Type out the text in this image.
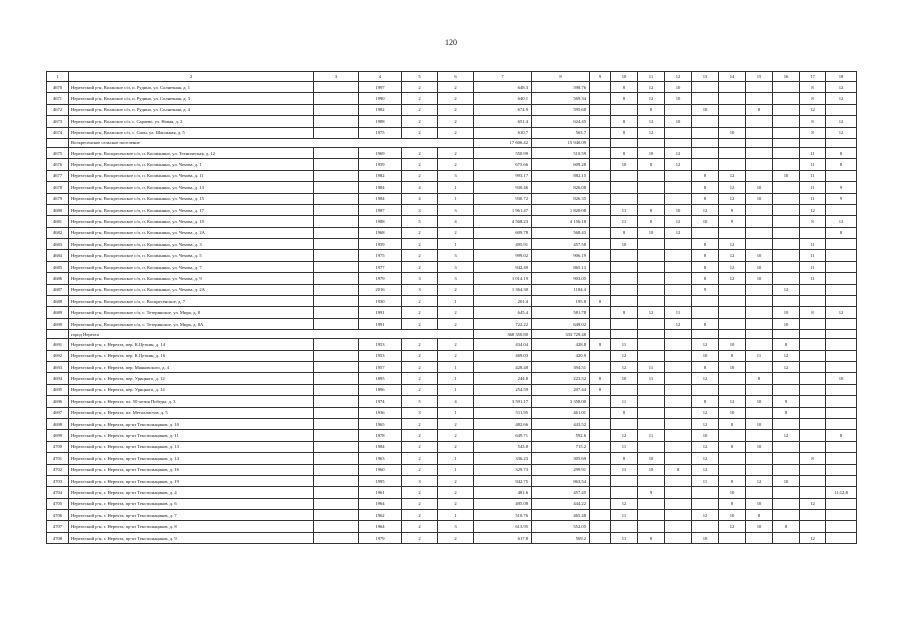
120
1	2	3	4	5	6	7	8	9	10	11	12	13	14	15	16	17	18
4670	Нерехтский р-н, Волжское с/п, п. Рудино, ул. Солнечная, д. 1		1997	2	2	648.3	598.76		8	12	10					8	12
4671	Нерехтский р-н, Волжское с/п, п. Рудино, ул. Солнечная, д. 3		1990	2	2	640.1	569.34		8	12	10					8	12
4672	Нерехтский р-н, Волжское с/п, п. Рудино, ул. Солнечная, д. 4		1982	2	2	674.9	595.68			8		10		8		12	
4673	Нерехтский р-н, Волжское с/п, с. Сараево, ул. Новая, д. 2		1988	2	2	651.4	624.45		8	12	10					8	12
4674	Нерехтский р-н, Волжское с/п, с. Сион, ул. Школьная, д. 5		1975	2	2	610.7	563.7		8	12			10			8	12
	Воскресенское сельское поселение					17 606.42	15 940.09										
4675	Нерехтский р-н, Воскресенское с/п, п. Космынино, ул. Техническая, д. 12		1969	2	2	550.99	510.59		8	10	12					11	8
4676	Нерехтский р-н, Воскресенское с/п, п. Космынино, ул. Чехова, д. 1		1959	2	2	675.66	609.28		10	8	12					11	8
4677	Нерехтский р-н, Воскресенское с/п, п. Космынино, ул. Чехова, д. 11		1982	2	3	993.17	882.15					8	12		10	11	
4678	Нерехтский р-н, Воскресенское с/п, п. Космынино, ул. Чехова, д. 13		1984	4	1	930.46	826.08					8	12	10		11	9
4679	Нерехтский р-н, Воскресенское с/п, п. Космынино, ул. Чехова, д. 15		1984	4	1	930.72	826.35					8	12	10		11	9
4680	Нерехтский р-н, Воскресенское с/п, п. Космынино, ул. Чехова, д. 17		1987	3	3	1 961.47	1 820.08		11	8	10	12	9			12	
4681	Нерехтский р-н, Воскресенское с/п, п. Космынино, ул. Чехова, д. 19		1988	5	4	4 568.23	4 156.18		11	8	12	10	9			8	12
4682	Нерехтский р-н, Воскресенское с/п, п. Космынино, ул. Чехова, д. 2А		1968	2	2	609.78	568.43		8	10	12						8
4683	Нерехтский р-н, Воскресенское с/п, п. Космынино, ул. Чехова, д. 3		1959	2	1	495.91	457.58		10			8	12			11	
4684	Нерехтский р-н, Воскресенское с/п, п. Космынино, ул. Чехова, д. 5		1975	2	3	999.02	906.19					8	12	10		11	
4685	Нерехтский р-н, Воскресенское с/п, п. Космынино, ул. Чехова, д. 7		1977	2	3	942.49	865.13					8	12	10		11	
4686	Нерехтский р-н, Воскресенское с/п, п. Космынино, ул. Чехова, д. 9		1979	3	3	1 014.19	903.05					8	12	10		11	
4687	Нерехтский р-н, Воскресенское с/п, п. Космынино, ул. Чехова, д. 2А		2016	3	2	1 364.30	1184.4					9			12		
4688	Нерехтский р-н, Воскресенское с/п, с. Воскресенское, д. 7		1930	2	1	201.4	195.8	8									
4689	Нерехтский р-н, Воскресенское с/п, с. Тетеринское, ул. Мира, д. 8		1991	2	2	645.4	581.78		8	12	11				10	8	12
4690	Нерехтский р-н, Воскресенское с/п, с. Тетеринское, ул. Мира, д. 8А		1991	2	2	722.22	649.02				12	8			10		
	город Нерехта					368 350.80	333 729.48										
4691	Нерехтский р-н, г. Нерехта, пер. К.Цеткин, д. 14		1953	2	2	434.04	428.8	8	11			12	10		8		
4692	Нерехтский р-н, г. Нерехта, пер. К.Цеткин, д. 16		1953	2	2	469.03	420.9		12			10	8	11	12		
4693	Нерехтский р-н, г. Нерехта, пер. Маяковского, д. 4		1957	2	1	428.48	394.51		12	11		8	10		12		
4694	Нерехтский р-н, г. Нерехта, пер. Урицкого, д. 12		1895	2	1	244.8	223.52	8	10	11		12		8			10
4695	Нерехтский р-н, г. Нерехта, пер. Урицкого, д. 14		1896	2	1	254.59	207.44	8									
4696	Нерехтский р-н, г. Нерехта, пл. 50-летия Победы, д. 3		1974	5	4	3 591.17	3 358.00		11			8	12	10	9		
4697	Нерехтский р-н, г. Нерехта, пл. Металлистов, д. 5		1936	3	1	511.95	461.01		8			12	10		8		
4698	Нерехтский р-н, г. Нерехта, пр-кт Текстильщиков, д. 10		1965	2	2	482.66	443.52					12	8	10			
4699	Нерехтский р-н, г. Нерехта, пр-кт Текстильщиков, д. 11		1978	2	2	649.71	592.6		12	11		10			12		8
4700	Нерехтский р-н, г. Нерехта, пр-кт Текстильщиков, д. 13		1984	2	2	543.8	715.2		11			12	8	10			
4701	Нерехтский р-н, г. Нерехта, пр-кт Текстильщиков, д. 14		1963	2	1	336.23	305.69		8	10		12				8	
4702	Нерехтский р-н, г. Нерехта, пр-кт Текстильщиков, д. 16		1960	2	1	329.73	299.91		11	10	8	12					
4703	Нерехтский р-н, г. Нерехта, пр-кт Текстильщиков, д. 19		1995	3	2	942.75	863.54					11	8	12	10		
4704	Нерехтский р-н, г. Нерехта, пр-кт Текстильщиков, д. 4		1961	2	2	481.6	457.45			9			10				11;12;8
4705	Нерехтский р-н, г. Нерехта, пр-кт Текстильщиков, д. 6		1964	2	2	495.08	444.22		12				8	10		12	
4706	Нерехтский р-н, г. Нерехта, пр-кт Текстильщиков, д. 7		1962	2	1	510.76	465.48		11			12	10	8			
4707	Нерехтский р-н, г. Нерехта, пр-кт Текстильщиков, д. 8		1964	2	3	613.95	552.05						12	10	8		
4708	Нерехтский р-н, г. Нерехта, пр-кт Текстильщиков, д. 9		1979	2	2	617.8	569.2		11	8		10				12	
